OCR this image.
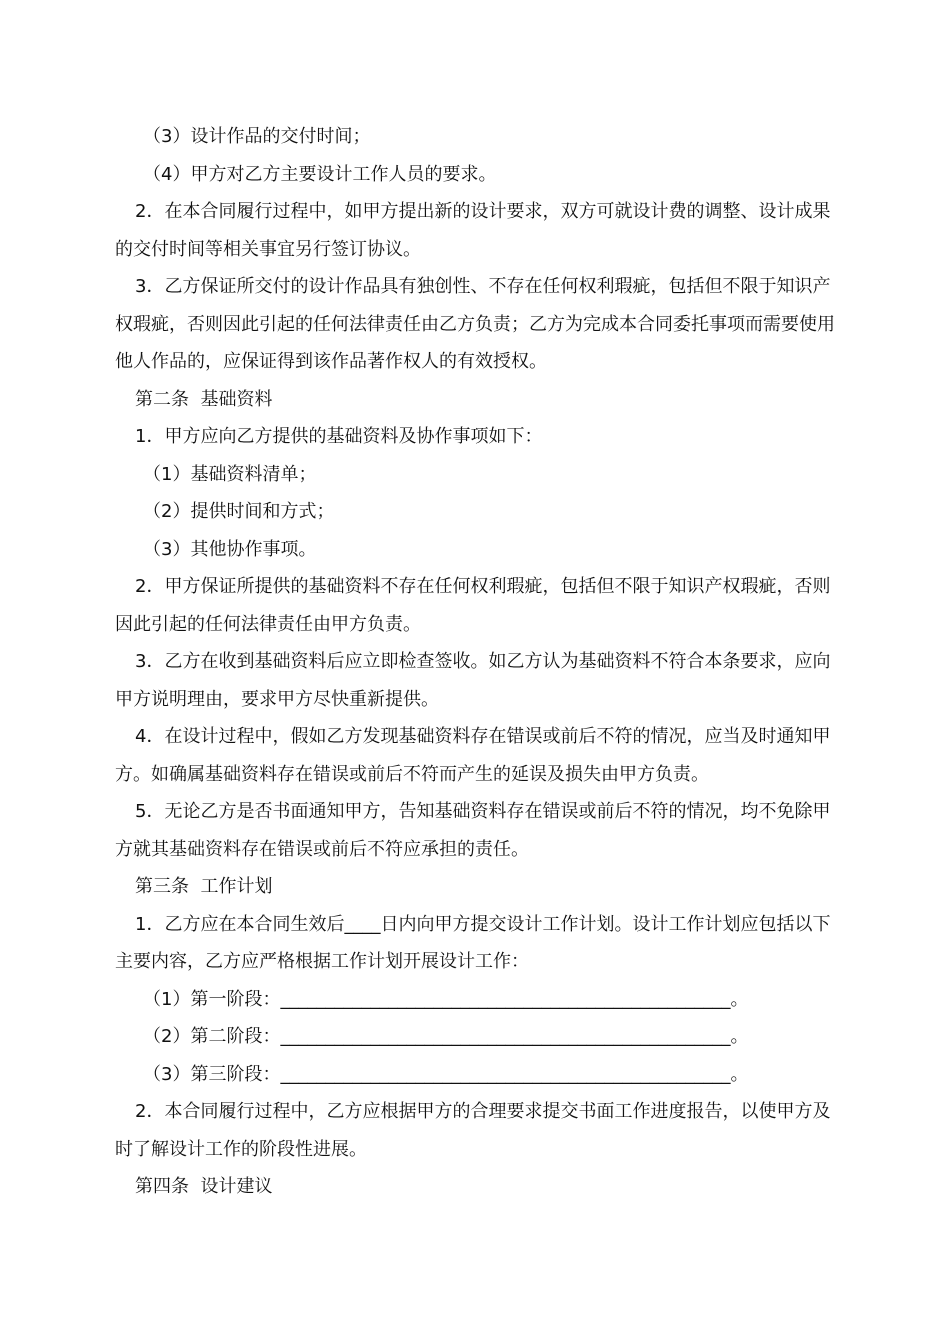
（3）设计作品的交付时间；

（4）甲方对乙方主要设计工作人员的要求。

2．在本合同履行过程中，如甲方提出新的设计要求，双方可就设计费的调整、设计成果的交付时间等相关事宜另行签订协议。

3．乙方保证所交付的设计作品具有独创性、不存在任何权利瑕疵，包括但不限于知识产权瑕疵，否则因此引起的任何法律责任由乙方负责；乙方为完成本合同委托事项而需要使用他人作品的，应保证得到该作品著作权人的有效授权。

第二条  基础资料

1．甲方应向乙方提供的基础资料及协作事项如下：

（1）基础资料清单；

（2）提供时间和方式；

（3）其他协作事项。

2．甲方保证所提供的基础资料不存在任何权利瑕疵，包括但不限于知识产权瑕疵，否则因此引起的任何法律责任由甲方负责。

3．乙方在收到基础资料后应立即检查签收。如乙方认为基础资料不符合本条要求，应向甲方说明理由，要求甲方尽快重新提供。

4．在设计过程中，假如乙方发现基础资料存在错误或前后不符的情况，应当及时通知甲方。如确属基础资料存在错误或前后不符而产生的延误及损失由甲方负责。

5．无论乙方是否书面通知甲方，告知基础资料存在错误或前后不符的情况，均不免除甲方就其基础资料存在错误或前后不符应承担的责任。

第三条  工作计划

1．乙方应在本合同生效后____日内向甲方提交设计工作计划。设计工作计划应包括以下主要内容，乙方应严格根据工作计划开展设计工作：

（1）第一阶段：__________________________________________________。

（2）第二阶段：__________________________________________________。

（3）第三阶段：__________________________________________________。

2．本合同履行过程中，乙方应根据甲方的合理要求提交书面工作进度报告，以使甲方及时了解设计工作的阶段性进展。

第四条  设计建议
